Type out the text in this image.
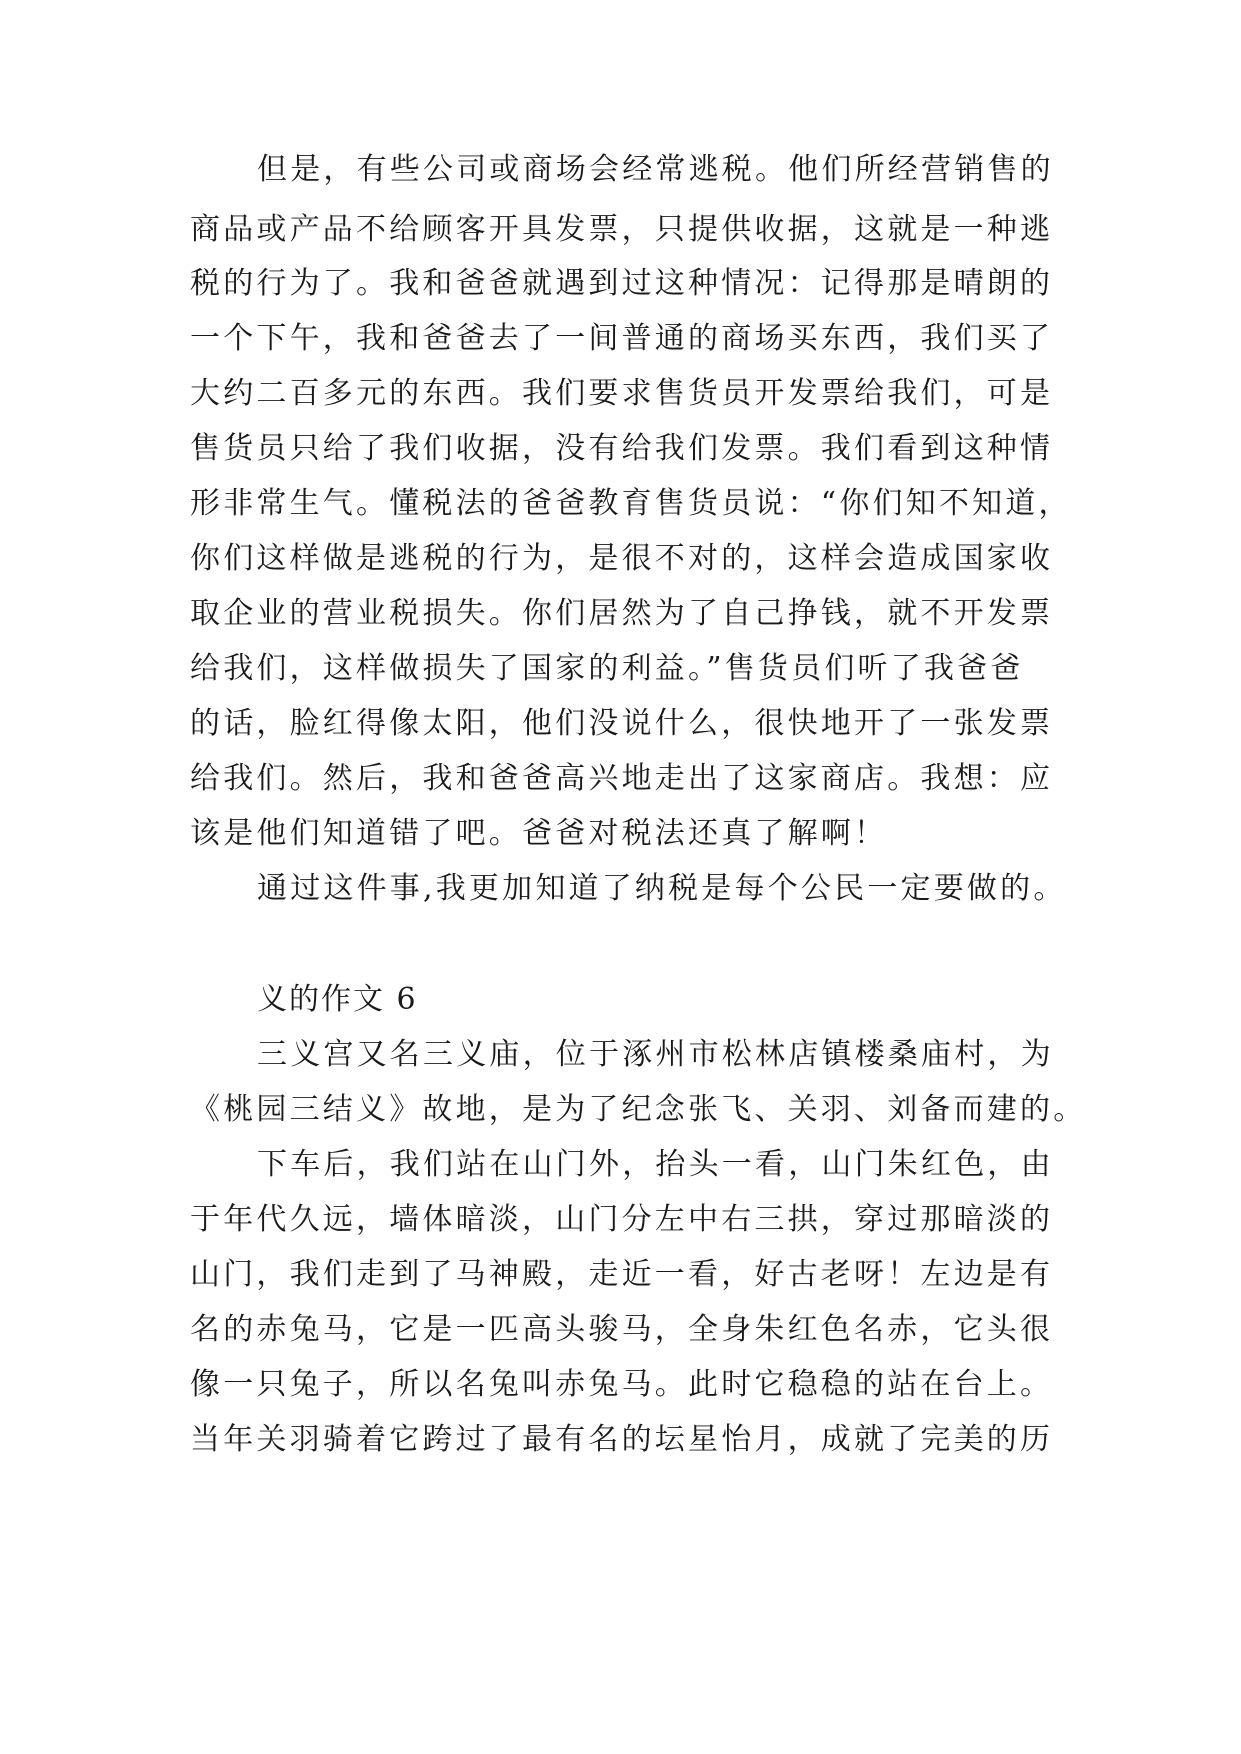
但是，有些公司或商场会经常逃税。他们所经营销售的
商品或产品不给顾客开具发票，只提供收据，这就是一种逃
税的行为了。我和爸爸就遇到过这种情况：记得那是晴朗的
一个下午，我和爸爸去了一间普通的商场买东西，我们买了
大约二百多元的东西。我们要求售货员开发票给我们，可是
售货员只给了我们收据，没有给我们发票。我们看到这种情
形非常生气。懂税法的爸爸教育售货员说：“你们知不知道，
你们这样做是逃税的行为，是很不对的，这样会造成国家收
取企业的营业税损失。你们居然为了自己挣钱，就不开发票
给我们，这样做损失了国家的利益。”售货员们听了我爸爸
的话，脸红得像太阳，他们没说什么，很快地开了一张发票
给我们。然后，我和爸爸高兴地走出了这家商店。我想：应
该是他们知道错了吧。爸爸对税法还真了解啊！
通过这件事,我更加知道了纳税是每个公民一定要做的。
义的作文 6
三义宫又名三义庙，位于涿州市松林店镇楼桑庙村，为
《桃园三结义》故地，是为了纪念张飞、关羽、刘备而建的。
下车后，我们站在山门外，抬头一看，山门朱红色，由
于年代久远，墙体暗淡，山门分左中右三拱，穿过那暗淡的
山门，我们走到了马神殿，走近一看，好古老呀！左边是有
名的赤兔马，它是一匹高头骏马，全身朱红色名赤，它头很
像一只兔子，所以名兔叫赤兔马。此时它稳稳的站在台上。
当年关羽骑着它跨过了最有名的坛星怡月，成就了完美的历
